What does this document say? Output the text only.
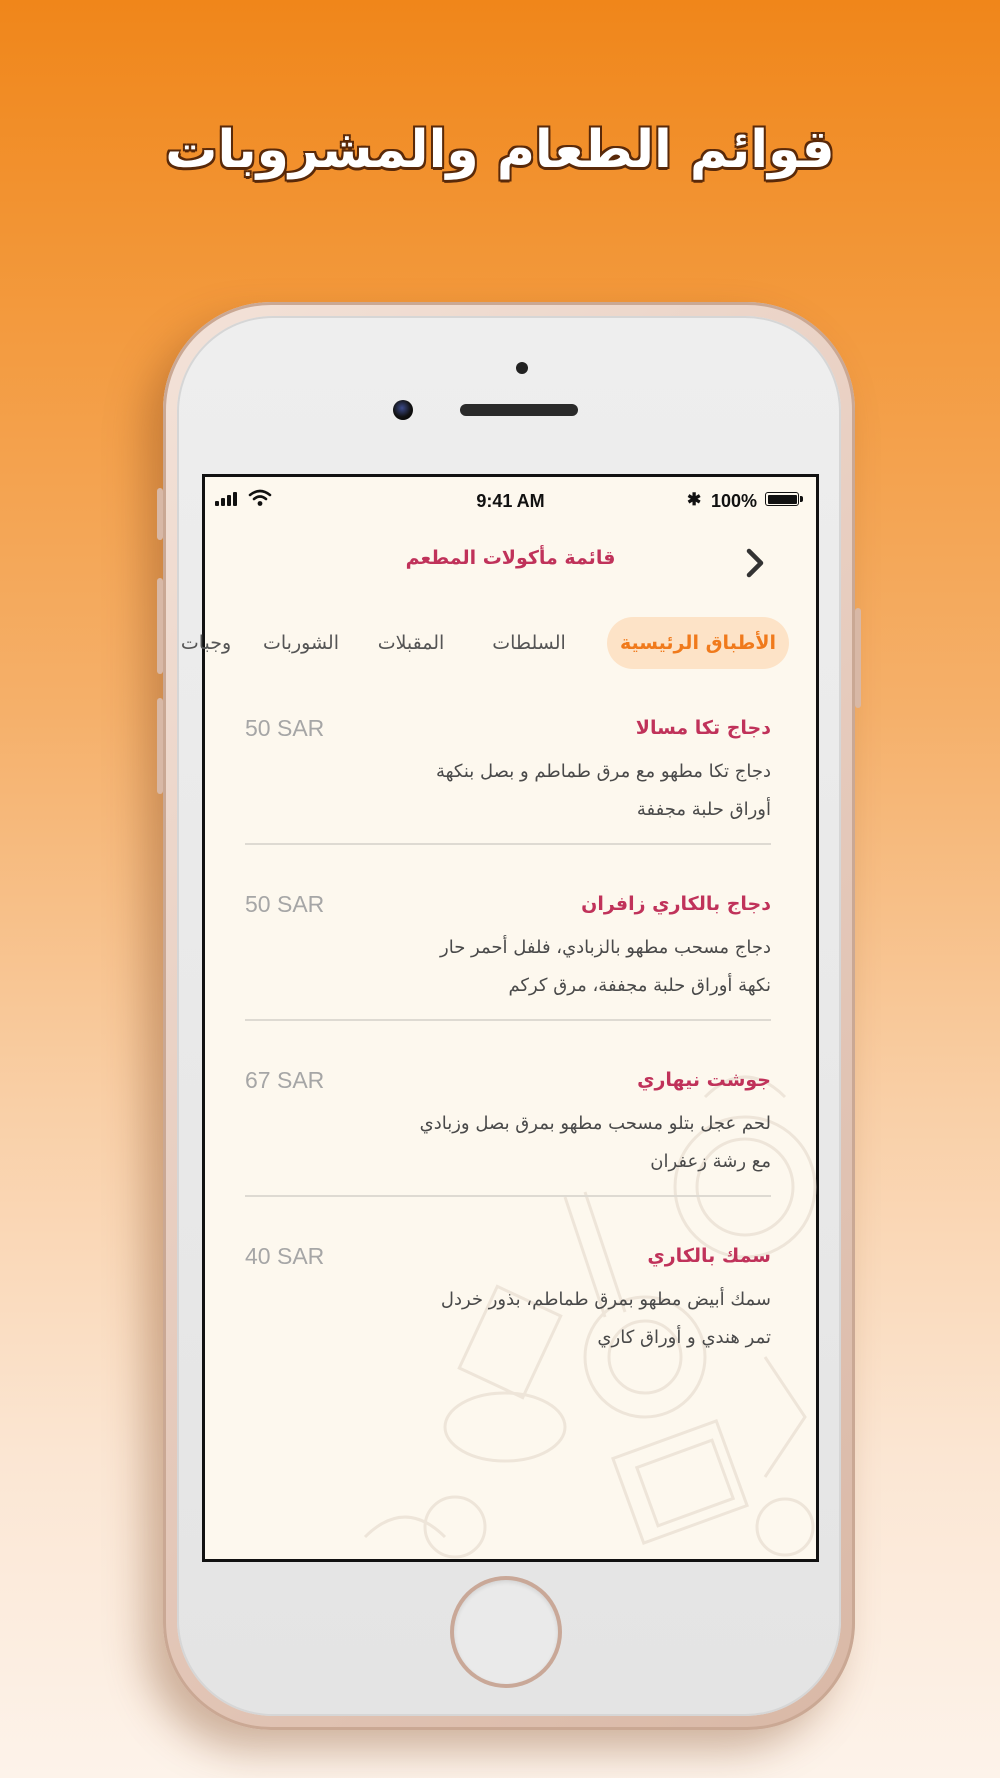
قوائم الطعام والمشروبات
9:41 AM	✱ 100%
قائمة مأكولات المطعم
الأطباق الرئيسية
السلطات
المقبلات
الشوربات
وجبات
دجاج تكا مسالا
50 SAR
دجاج تكا مطهو مع مرق طماطم و بصل بنكهة
أوراق حلبة مجففة
دجاج بالكاري زافران
50 SAR
دجاج مسحب مطهو بالزبادي، فلفل أحمر حار
نكهة أوراق حلبة مجففة، مرق كركم
جوشت نيهاري
67 SAR
لحم عجل بتلو مسحب مطهو بمرق بصل وزبادي
مع رشة زعفران
سمك بالكاري
40 SAR
سمك أبيض مطهو بمرق طماطم، بذور خردل
تمر هندي و أوراق كاري
